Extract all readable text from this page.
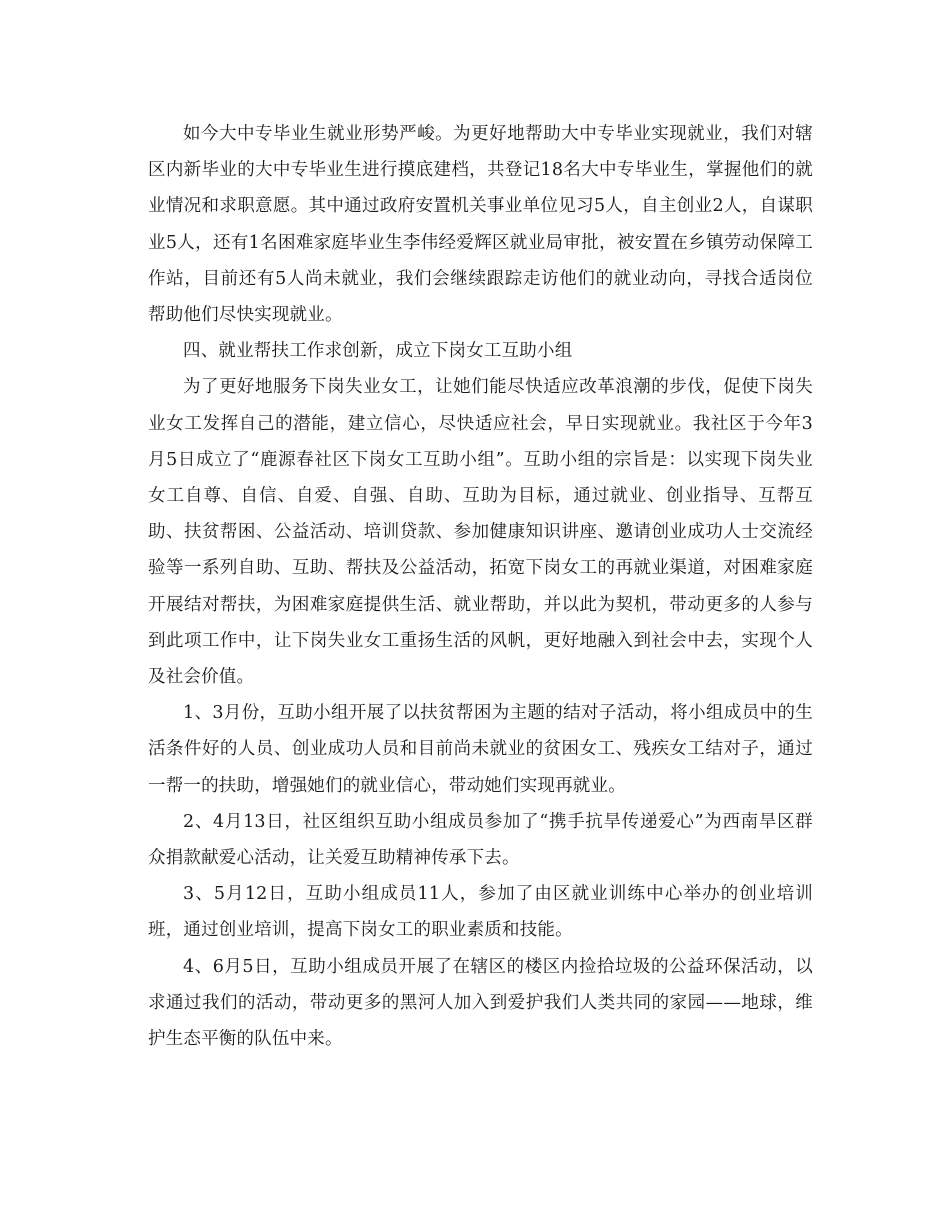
如今大中专毕业生就业形势严峻。为更好地帮助大中专毕业实现就业，我们对辖区内新毕业的大中专毕业生进行摸底建档，共登记18名大中专毕业生，掌握他们的就业情况和求职意愿。其中通过政府安置机关事业单位见习5人，自主创业2人，自谋职业5人，还有1名困难家庭毕业生李伟经爱辉区就业局审批，被安置在乡镇劳动保障工作站，目前还有5人尚未就业，我们会继续跟踪走访他们的就业动向，寻找合适岗位帮助他们尽快实现就业。

四、就业帮扶工作求创新，成立下岗女工互助小组

为了更好地服务下岗失业女工，让她们能尽快适应改革浪潮的步伐，促使下岗失业女工发挥自己的潜能，建立信心，尽快适应社会，早日实现就业。我社区于今年3月5日成立了“鹿源春社区下岗女工互助小组”。互助小组的宗旨是：以实现下岗失业女工自尊、自信、自爱、自强、自助、互助为目标，通过就业、创业指导、互帮互助、扶贫帮困、公益活动、培训贷款、参加健康知识讲座、邀请创业成功人士交流经验等一系列自助、互助、帮扶及公益活动，拓宽下岗女工的再就业渠道，对困难家庭开展结对帮扶，为困难家庭提供生活、就业帮助，并以此为契机，带动更多的人参与到此项工作中，让下岗失业女工重扬生活的风帆，更好地融入到社会中去，实现个人及社会价值。

1、3月份，互助小组开展了以扶贫帮困为主题的结对子活动，将小组成员中的生活条件好的人员、创业成功人员和目前尚未就业的贫困女工、残疾女工结对子，通过一帮一的扶助，增强她们的就业信心，带动她们实现再就业。

2、4月13日，社区组织互助小组成员参加了“携手抗旱传递爱心”为西南旱区群众捐款献爱心活动，让关爱互助精神传承下去。

3、5月12日，互助小组成员11人，参加了由区就业训练中心举办的创业培训班，通过创业培训，提高下岗女工的职业素质和技能。

4、6月5日，互助小组成员开展了在辖区的楼区内捡拾垃圾的公益环保活动，以求通过我们的活动，带动更多的黑河人加入到爱护我们人类共同的家园——地球，维护生态平衡的队伍中来。
